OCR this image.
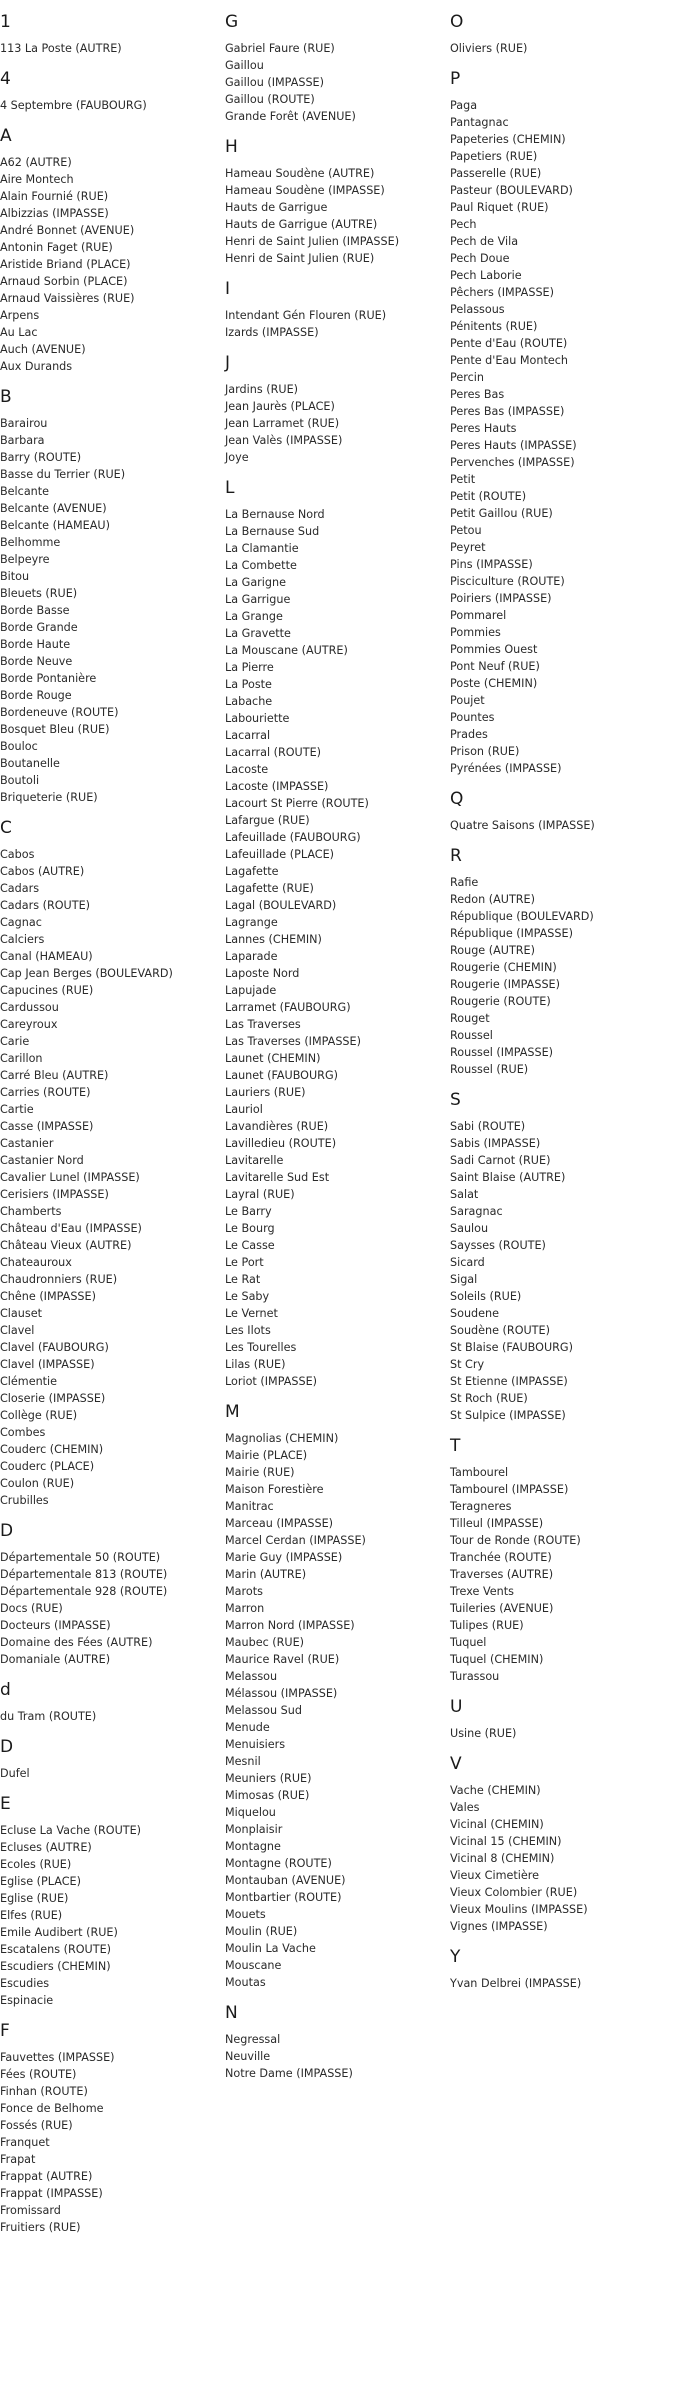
1
113 La Poste (AUTRE)
4
4 Septembre (FAUBOURG)
A
A62 (AUTRE)
Aire Montech
Alain Fournié (RUE)
Albizzias (IMPASSE)
André Bonnet (AVENUE)
Antonin Faget (RUE)
Aristide Briand (PLACE)
Arnaud Sorbin (PLACE)
Arnaud Vaissières (RUE)
Arpens
Au Lac
Auch (AVENUE)
Aux Durands
B
Barairou
Barbara
Barry (ROUTE)
Basse du Terrier (RUE)
Belcante
Belcante (AVENUE)
Belcante (HAMEAU)
Belhomme
Belpeyre
Bitou
Bleuets (RUE)
Borde Basse
Borde Grande
Borde Haute
Borde Neuve
Borde Pontanière
Borde Rouge
Bordeneuve (ROUTE)
Bosquet Bleu (RUE)
Bouloc
Boutanelle
Boutoli
Briqueterie (RUE)
C
Cabos
Cabos (AUTRE)
Cadars
Cadars (ROUTE)
Cagnac
Calciers
Canal (HAMEAU)
Cap Jean Berges (BOULEVARD)
Capucines (RUE)
Cardussou
Careyroux
Carie
Carillon
Carré Bleu (AUTRE)
Carries (ROUTE)
Cartie
Casse (IMPASSE)
Castanier
Castanier Nord
Cavalier Lunel (IMPASSE)
Cerisiers (IMPASSE)
Chamberts
Château d'Eau (IMPASSE)
Château Vieux (AUTRE)
Chateauroux
Chaudronniers (RUE)
Chêne (IMPASSE)
Clauset
Clavel
Clavel (FAUBOURG)
Clavel (IMPASSE)
Clémentie
Closerie (IMPASSE)
Collège (RUE)
Combes
Couderc (CHEMIN)
Couderc (PLACE)
Coulon (RUE)
Crubilles
D
Départementale 50 (ROUTE)
Départementale 813 (ROUTE)
Départementale 928 (ROUTE)
Docs (RUE)
Docteurs (IMPASSE)
Domaine des Fées (AUTRE)
Domaniale (AUTRE)
d
du Tram (ROUTE)
D
Dufel
E
Ecluse La Vache (ROUTE)
Ecluses (AUTRE)
Ecoles (RUE)
Eglise (PLACE)
Eglise (RUE)
Elfes (RUE)
Emile Audibert (RUE)
Escatalens (ROUTE)
Escudiers (CHEMIN)
Escudies
Espinacie
F
Fauvettes (IMPASSE)
Fées (ROUTE)
Finhan (ROUTE)
Fonce de Belhome
Fossés (RUE)
Franquet
Frapat
Frappat (AUTRE)
Frappat (IMPASSE)
Fromissard
Fruitiers (RUE)
G
Gabriel Faure (RUE)
Gaillou
Gaillou (IMPASSE)
Gaillou (ROUTE)
Grande Forêt (AVENUE)
H
Hameau Soudène (AUTRE)
Hameau Soudène (IMPASSE)
Hauts de Garrigue
Hauts de Garrigue (AUTRE)
Henri de Saint Julien (IMPASSE)
Henri de Saint Julien (RUE)
I
Intendant Gén Flouren (RUE)
Izards (IMPASSE)
J
Jardins (RUE)
Jean Jaurès (PLACE)
Jean Larramet (RUE)
Jean Valès (IMPASSE)
Joye
L
La Bernause Nord
La Bernause Sud
La Clamantie
La Combette
La Garigne
La Garrigue
La Grange
La Gravette
La Mouscane (AUTRE)
La Pierre
La Poste
Labache
Labouriette
Lacarral
Lacarral (ROUTE)
Lacoste
Lacoste (IMPASSE)
Lacourt St Pierre (ROUTE)
Lafargue (RUE)
Lafeuillade (FAUBOURG)
Lafeuillade (PLACE)
Lagafette
Lagafette (RUE)
Lagal (BOULEVARD)
Lagrange
Lannes (CHEMIN)
Laparade
Laposte Nord
Lapujade
Larramet (FAUBOURG)
Las Traverses
Las Traverses (IMPASSE)
Launet (CHEMIN)
Launet (FAUBOURG)
Lauriers (RUE)
Lauriol
Lavandières (RUE)
Lavilledieu (ROUTE)
Lavitarelle
Lavitarelle Sud Est
Layral (RUE)
Le Barry
Le Bourg
Le Casse
Le Port
Le Rat
Le Saby
Le Vernet
Les Ilots
Les Tourelles
Lilas (RUE)
Loriot (IMPASSE)
M
Magnolias (CHEMIN)
Mairie (PLACE)
Mairie (RUE)
Maison Forestière
Manitrac
Marceau (IMPASSE)
Marcel Cerdan (IMPASSE)
Marie Guy (IMPASSE)
Marin (AUTRE)
Marots
Marron
Marron Nord (IMPASSE)
Maubec (RUE)
Maurice Ravel (RUE)
Melassou
Mélassou (IMPASSE)
Melassou Sud
Menude
Menuisiers
Mesnil
Meuniers (RUE)
Mimosas (RUE)
Miquelou
Monplaisir
Montagne
Montagne (ROUTE)
Montauban (AVENUE)
Montbartier (ROUTE)
Mouets
Moulin (RUE)
Moulin La Vache
Mouscane
Moutas
N
Negressal
Neuville
Notre Dame (IMPASSE)
O
Oliviers (RUE)
P
Paga
Pantagnac
Papeteries (CHEMIN)
Papetiers (RUE)
Passerelle (RUE)
Pasteur (BOULEVARD)
Paul Riquet (RUE)
Pech
Pech de Vila
Pech Doue
Pech Laborie
Pêchers (IMPASSE)
Pelassous
Pénitents (RUE)
Pente d'Eau (ROUTE)
Pente d'Eau Montech
Percin
Peres Bas
Peres Bas (IMPASSE)
Peres Hauts
Peres Hauts (IMPASSE)
Pervenches (IMPASSE)
Petit
Petit (ROUTE)
Petit Gaillou (RUE)
Petou
Peyret
Pins (IMPASSE)
Pisciculture (ROUTE)
Poiriers (IMPASSE)
Pommarel
Pommies
Pommies Ouest
Pont Neuf (RUE)
Poste (CHEMIN)
Poujet
Pountes
Prades
Prison (RUE)
Pyrénées (IMPASSE)
Q
Quatre Saisons (IMPASSE)
R
Rafie
Redon (AUTRE)
République (BOULEVARD)
République (IMPASSE)
Rouge (AUTRE)
Rougerie (CHEMIN)
Rougerie (IMPASSE)
Rougerie (ROUTE)
Rouget
Roussel
Roussel (IMPASSE)
Roussel (RUE)
S
Sabi (ROUTE)
Sabis (IMPASSE)
Sadi Carnot (RUE)
Saint Blaise (AUTRE)
Salat
Saragnac
Saulou
Saysses (ROUTE)
Sicard
Sigal
Soleils (RUE)
Soudene
Soudène (ROUTE)
St Blaise (FAUBOURG)
St Cry
St Etienne (IMPASSE)
St Roch (RUE)
St Sulpice (IMPASSE)
T
Tambourel
Tambourel (IMPASSE)
Teragneres
Tilleul (IMPASSE)
Tour de Ronde (ROUTE)
Tranchée (ROUTE)
Traverses (AUTRE)
Trexe Vents
Tuileries (AVENUE)
Tulipes (RUE)
Tuquel
Tuquel (CHEMIN)
Turassou
U
Usine (RUE)
V
Vache (CHEMIN)
Vales
Vicinal (CHEMIN)
Vicinal 15 (CHEMIN)
Vicinal 8 (CHEMIN)
Vieux Cimetière
Vieux Colombier (RUE)
Vieux Moulins (IMPASSE)
Vignes (IMPASSE)
Y
Yvan Delbrei (IMPASSE)
